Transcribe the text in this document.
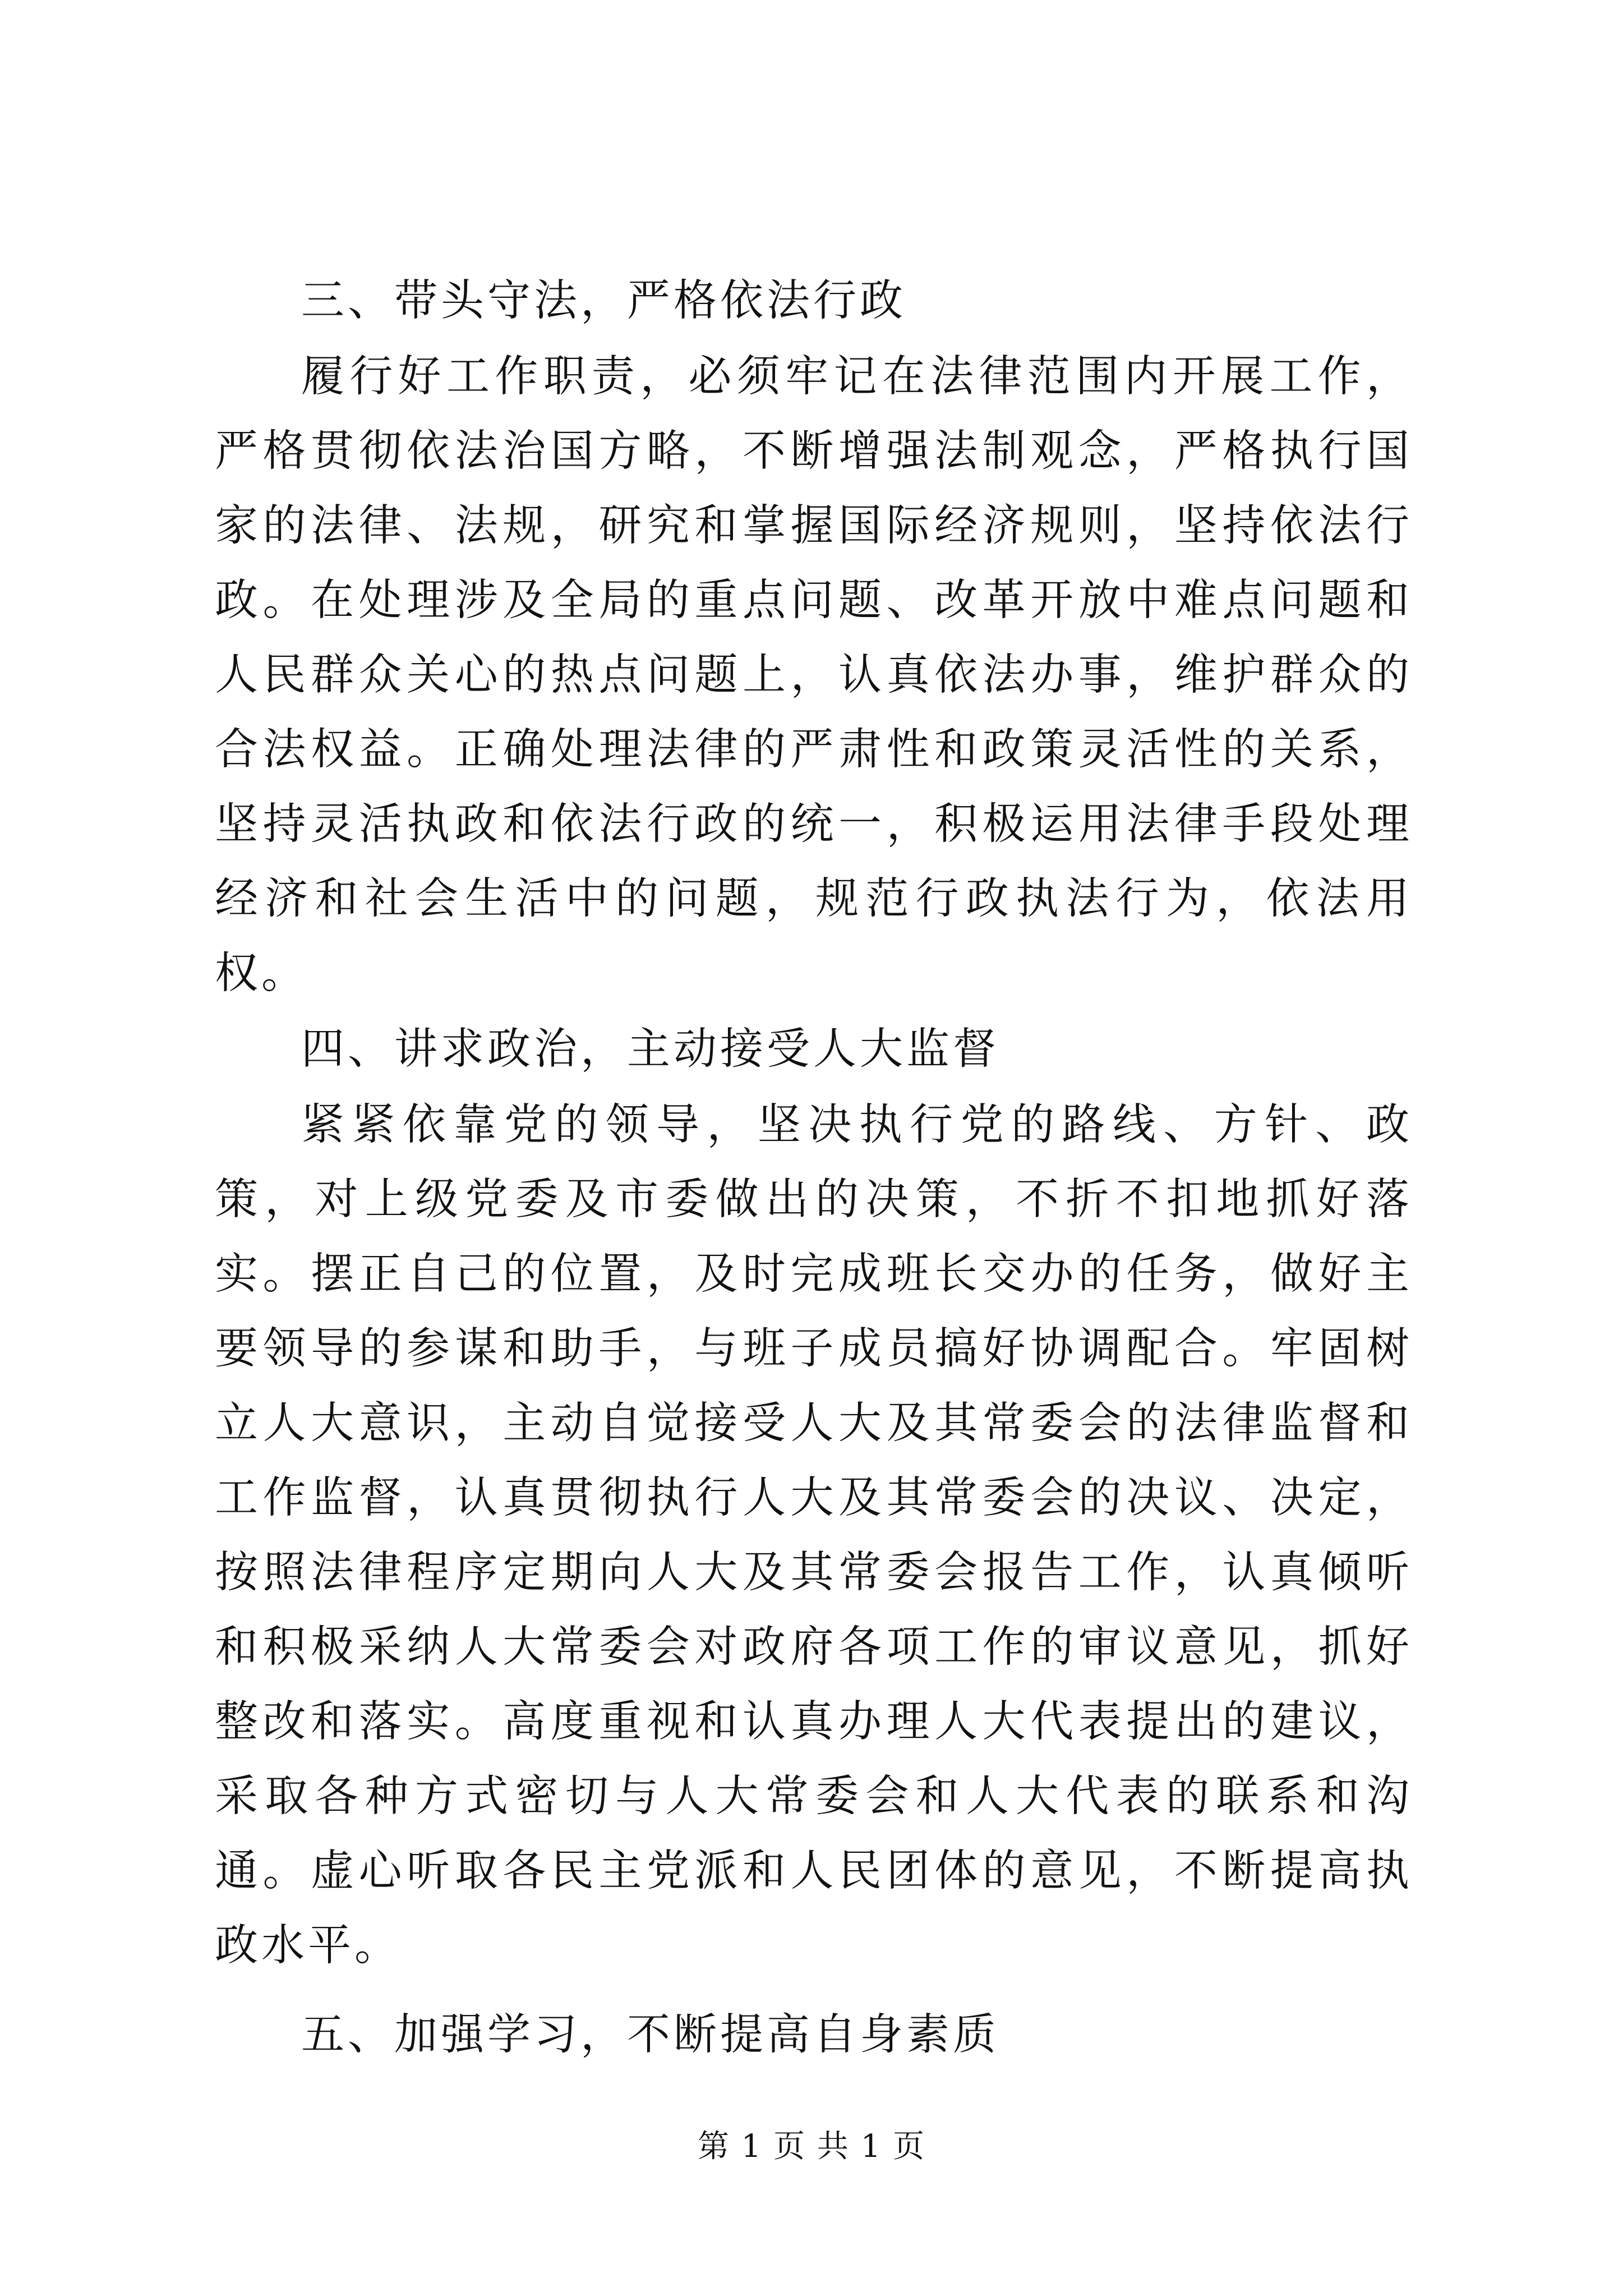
三、带头守法，严格依法行政

履行好工作职责，必须牢记在法律范围内开展工作，严格贯彻依法治国方略，不断增强法制观念，严格执行国家的法律、法规，研究和掌握国际经济规则，坚持依法行政。在处理涉及全局的重点问题、改革开放中难点问题和人民群众关心的热点问题上，认真依法办事，维护群众的合法权益。正确处理法律的严肃性和政策灵活性的关系，坚持灵活执政和依法行政的统一，积极运用法律手段处理经济和社会生活中的问题，规范行政执法行为，依法用权。

四、讲求政治，主动接受人大监督

紧紧依靠党的领导，坚决执行党的路线、方针、政策，对上级党委及市委做出的决策，不折不扣地抓好落实。摆正自己的位置，及时完成班长交办的任务，做好主要领导的参谋和助手，与班子成员搞好协调配合。牢固树立人大意识，主动自觉接受人大及其常委会的法律监督和工作监督，认真贯彻执行人大及其常委会的决议、决定，按照法律程序定期向人大及其常委会报告工作，认真倾听和积极采纳人大常委会对政府各项工作的审议意见，抓好整改和落实。高度重视和认真办理人大代表提出的建议，采取各种方式密切与人大常委会和人大代表的联系和沟通。虚心听取各民主党派和人民团体的意见，不断提高执政水平。

五、加强学习，不断提高自身素质

第 1 页 共 1 页
